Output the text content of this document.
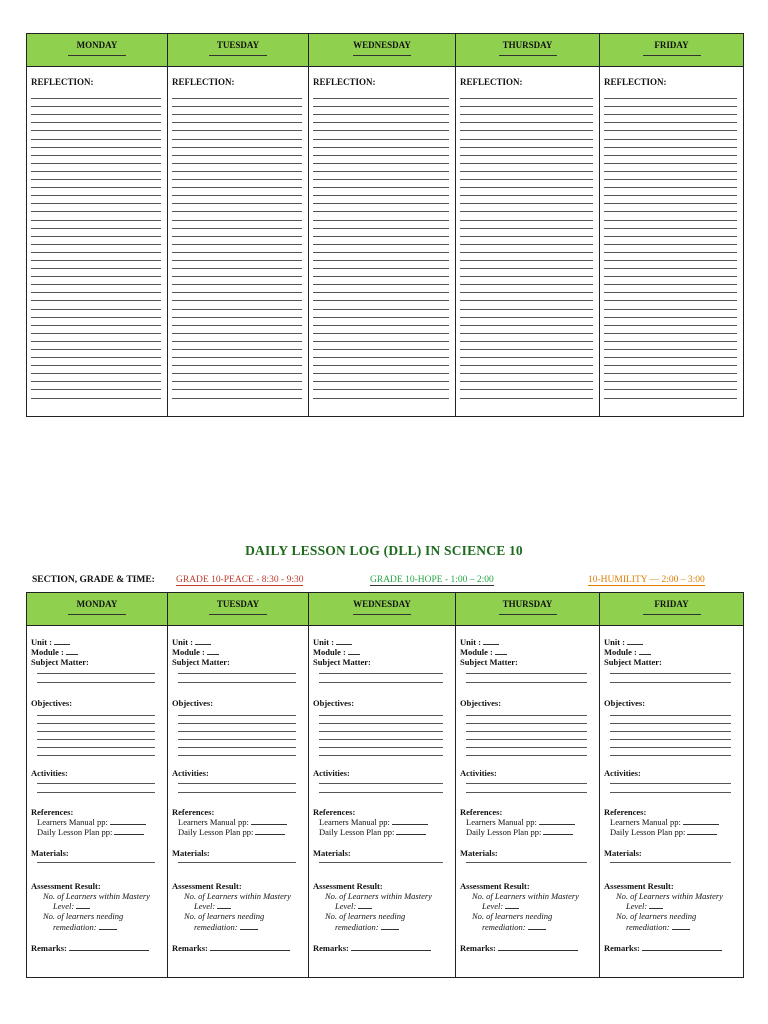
MONDAY
REFLECTION:
TUESDAY
REFLECTION:
WEDNESDAY
REFLECTION:
THURSDAY
REFLECTION:
FRIDAY
REFLECTION:
DAILY LESSON LOG (DLL) IN SCIENCE 10
SECTION, GRADE & TIME: GRADE 10-PEACE - 8:30 - 9:30	GRADE 10-HOPE - 1:00 – 2:00	10-HUMILITY — 2:00 – 3:00
MONDAY
Unit :
Module :
Subject Matter:
Objectives:
Activities:
References:
Learners Manual pp:
Daily Lesson Plan pp:
Materials:
Assessment Result:
No. of Learners within Mastery
Level:
No. of learners needing
remediation:
Remarks:
TUESDAY
Unit :
Module :
Subject Matter:
Objectives:
Activities:
References:
Learners Manual pp:
Daily Lesson Plan pp:
Materials:
Assessment Result:
No. of Learners within Mastery
Level:
No. of learners needing
remediation:
Remarks:
WEDNESDAY
Unit :
Module :
Subject Matter:
Objectives:
Activities:
References:
Learners Manual pp:
Daily Lesson Plan pp:
Materials:
Assessment Result:
No. of Learners within Mastery
Level:
No. of learners needing
remediation:
Remarks:
THURSDAY
Unit :
Module :
Subject Matter:
Objectives:
Activities:
References:
Learners Manual pp:
Daily Lesson Plan pp:
Materials:
Assessment Result:
No. of Learners within Mastery
Level:
No. of learners needing
remediation:
Remarks:
FRIDAY
Unit :
Module :
Subject Matter:
Objectives:
Activities:
References:
Learners Manual pp:
Daily Lesson Plan pp:
Materials:
Assessment Result:
No. of Learners within Mastery
Level:
No. of learners needing
remediation:
Remarks:
